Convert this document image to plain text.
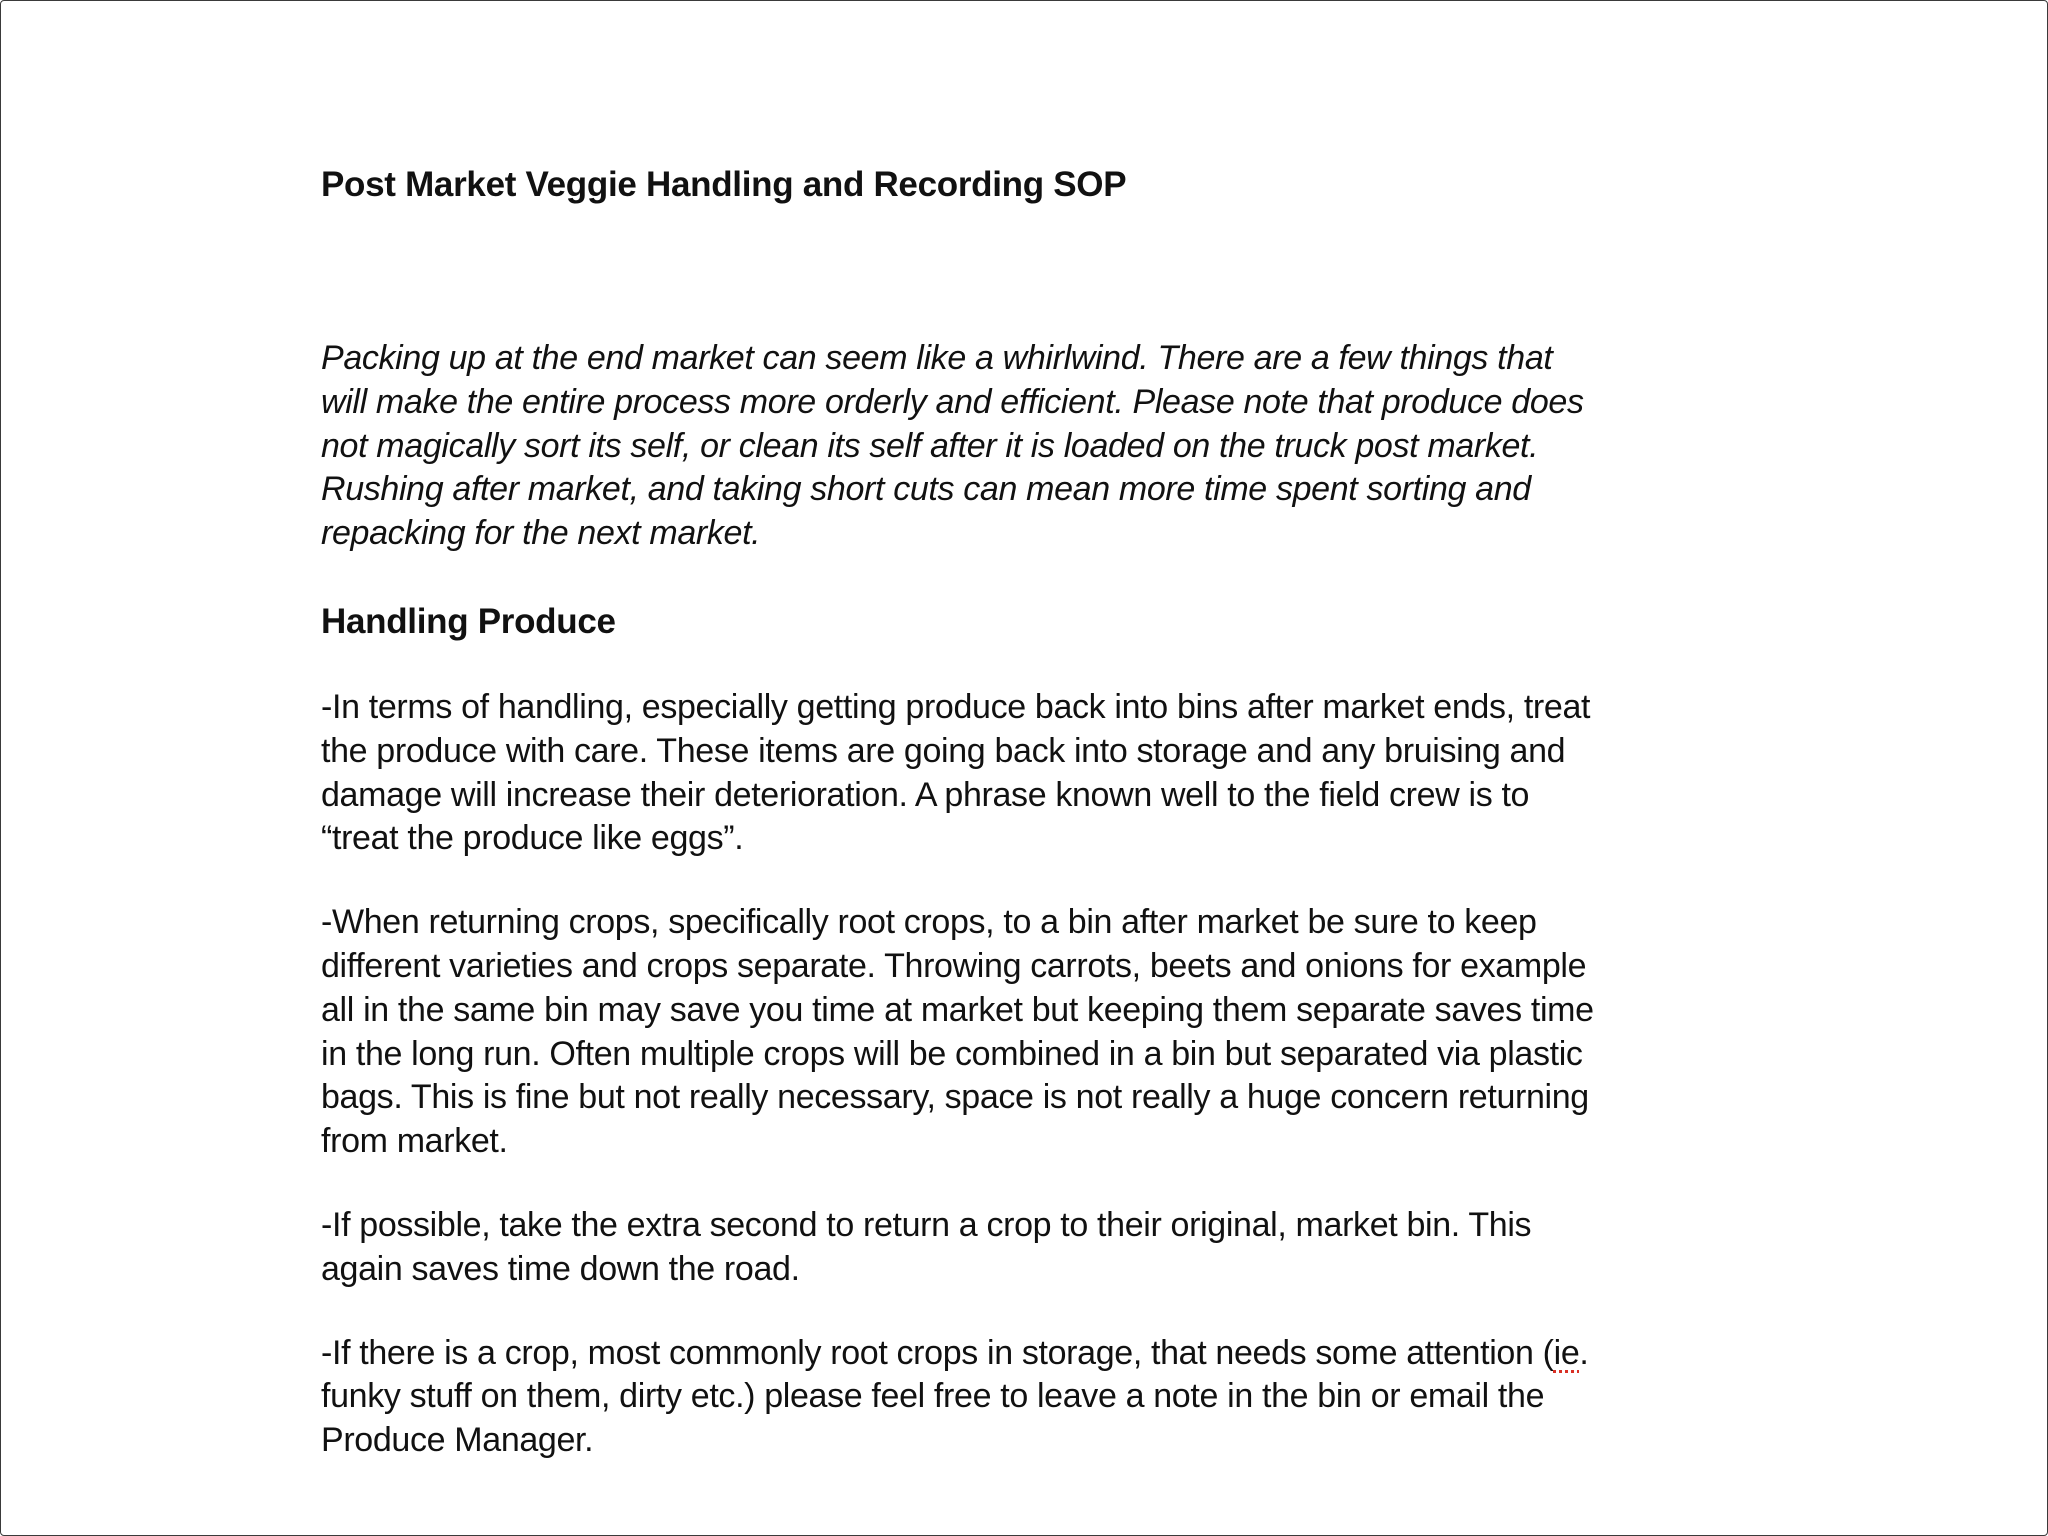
Post Market Veggie Handling and Recording SOP

Packing up at the end market can seem like a whirlwind. There are a few things that
will make the entire process more orderly and efficient. Please note that produce does
not magically sort its self, or clean its self after it is loaded on the truck post market.
Rushing after market, and taking short cuts can mean more time spent sorting and
repacking for the next market.

Handling Produce

-In terms of handling, especially getting produce back into bins after market ends, treat
the produce with care. These items are going back into storage and any bruising and
damage will increase their deterioration. A phrase known well to the field crew is to
“treat the produce like eggs”.

-When returning crops, specifically root crops, to a bin after market be sure to keep
different varieties and crops separate. Throwing carrots, beets and onions for example
all in the same bin may save you time at market but keeping them separate saves time
in the long run. Often multiple crops will be combined in a bin but separated via plastic
bags. This is fine but not really necessary, space is not really a huge concern returning
from market.

-If possible, take the extra second to return a crop to their original, market bin. This
again saves time down the road.

-If there is a crop, most commonly root crops in storage, that needs some attention (ie.
funky stuff on them, dirty etc.) please feel free to leave a note in the bin or email the
Produce Manager.
